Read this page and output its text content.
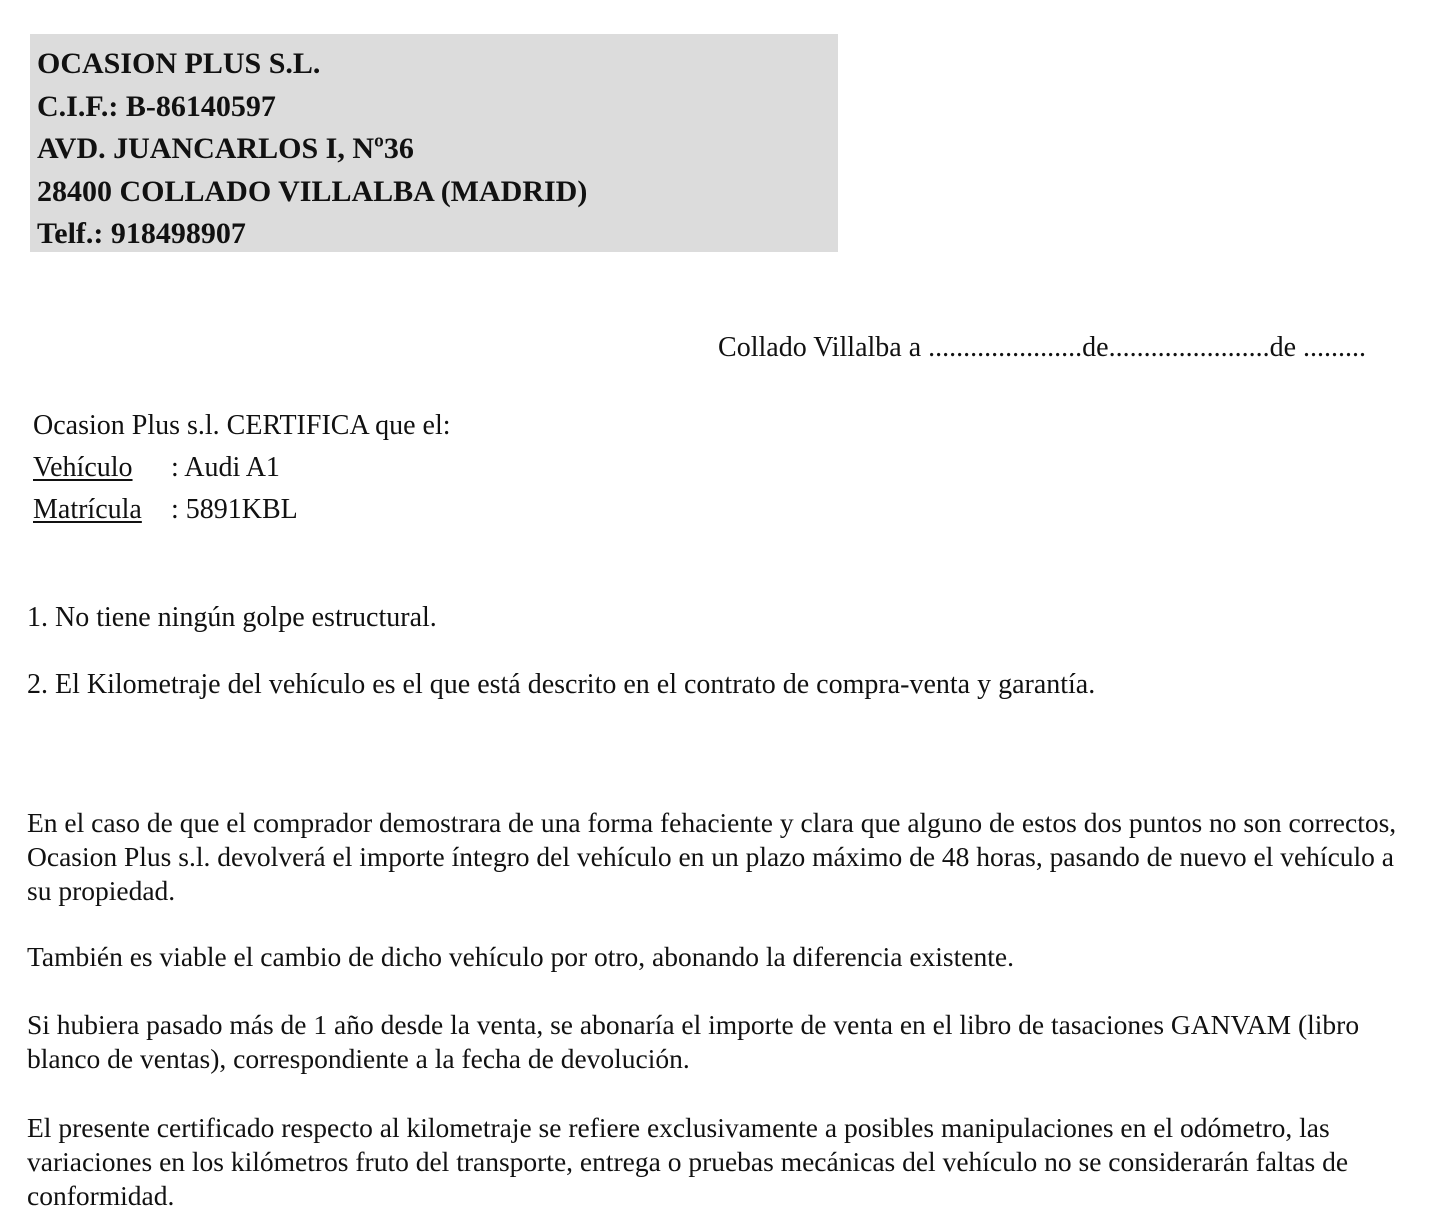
OCASION PLUS S.L.
C.I.F.: B-86140597
AVD. JUANCARLOS I, Nº36
28400 COLLADO VILLALBA (MADRID)
Telf.: 918498907
Collado Villalba a ......................de.......................de .........
Ocasion Plus s.l. CERTIFICA que el:
Vehículo : Audi A1
Matrícula : 5891KBL
1. No tiene ningún golpe estructural.
2. El Kilometraje del vehículo es el que está descrito en el contrato de compra-venta y garantía.
En el caso de que el comprador demostrara de una forma fehaciente y clara que alguno de estos dos puntos no son correctos, Ocasion Plus s.l. devolverá el importe íntegro del vehículo en un plazo máximo de 48 horas, pasando de nuevo el vehículo a su propiedad.
También es viable el cambio de dicho vehículo por otro, abonando la diferencia existente.
Si hubiera pasado más de 1 año desde la venta, se abonaría el importe de venta en el libro de tasaciones GANVAM (libro blanco de ventas), correspondiente a la fecha de devolución.
El presente certificado respecto al kilometraje se refiere exclusivamente a posibles manipulaciones en el odómetro, las variaciones en los kilómetros fruto del transporte, entrega o pruebas mecánicas del vehículo no se considerarán faltas de conformidad.
